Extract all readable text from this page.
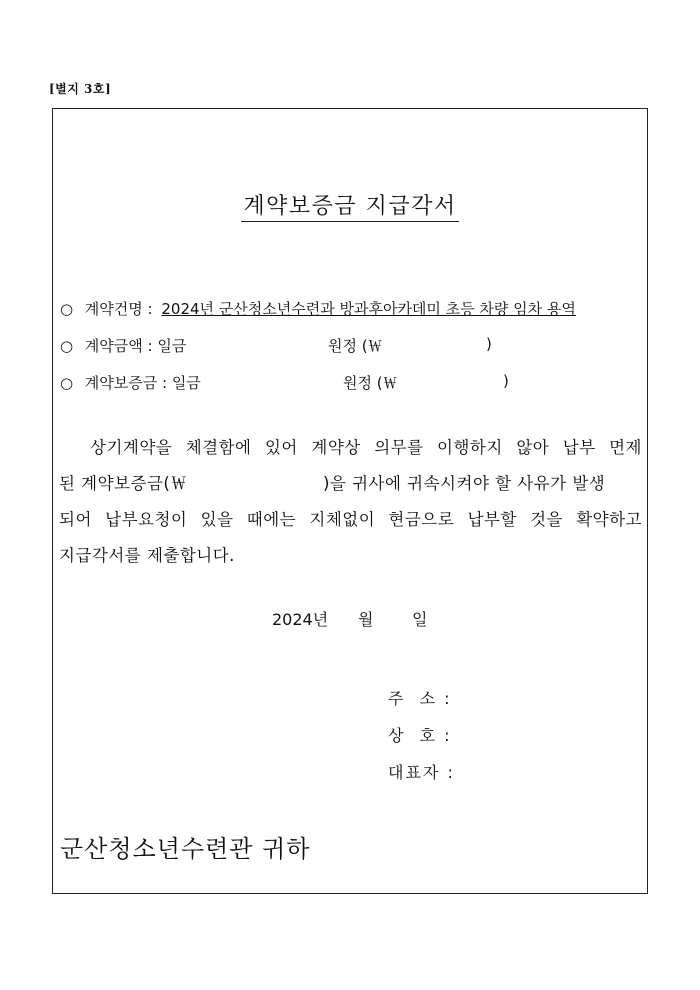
[별지 3호]
계약보증금 지급각서
○ 계약건명 : 2024년 군산청소년수련과 방과후아카데미 초등 차량 임차 용역
○ 계약금액 : 일금	원정 (￦	)
○ 계약보증금 : 일금	원정 (￦	)
상기계약을 체결함에 있어 계약상 의무를 이행하지 않아 납부 면제
된 계약보증금(￦	)을 귀사에 귀속시켜야 할 사유가 발생
되어 납부요청이 있을 때에는 지체없이 현금으로 납부할 것을 확약하고
지급각서를 제출합니다.
2024년 월 일
주  소 :
상  호 :
대표자 :
군산청소년수련관 귀하
